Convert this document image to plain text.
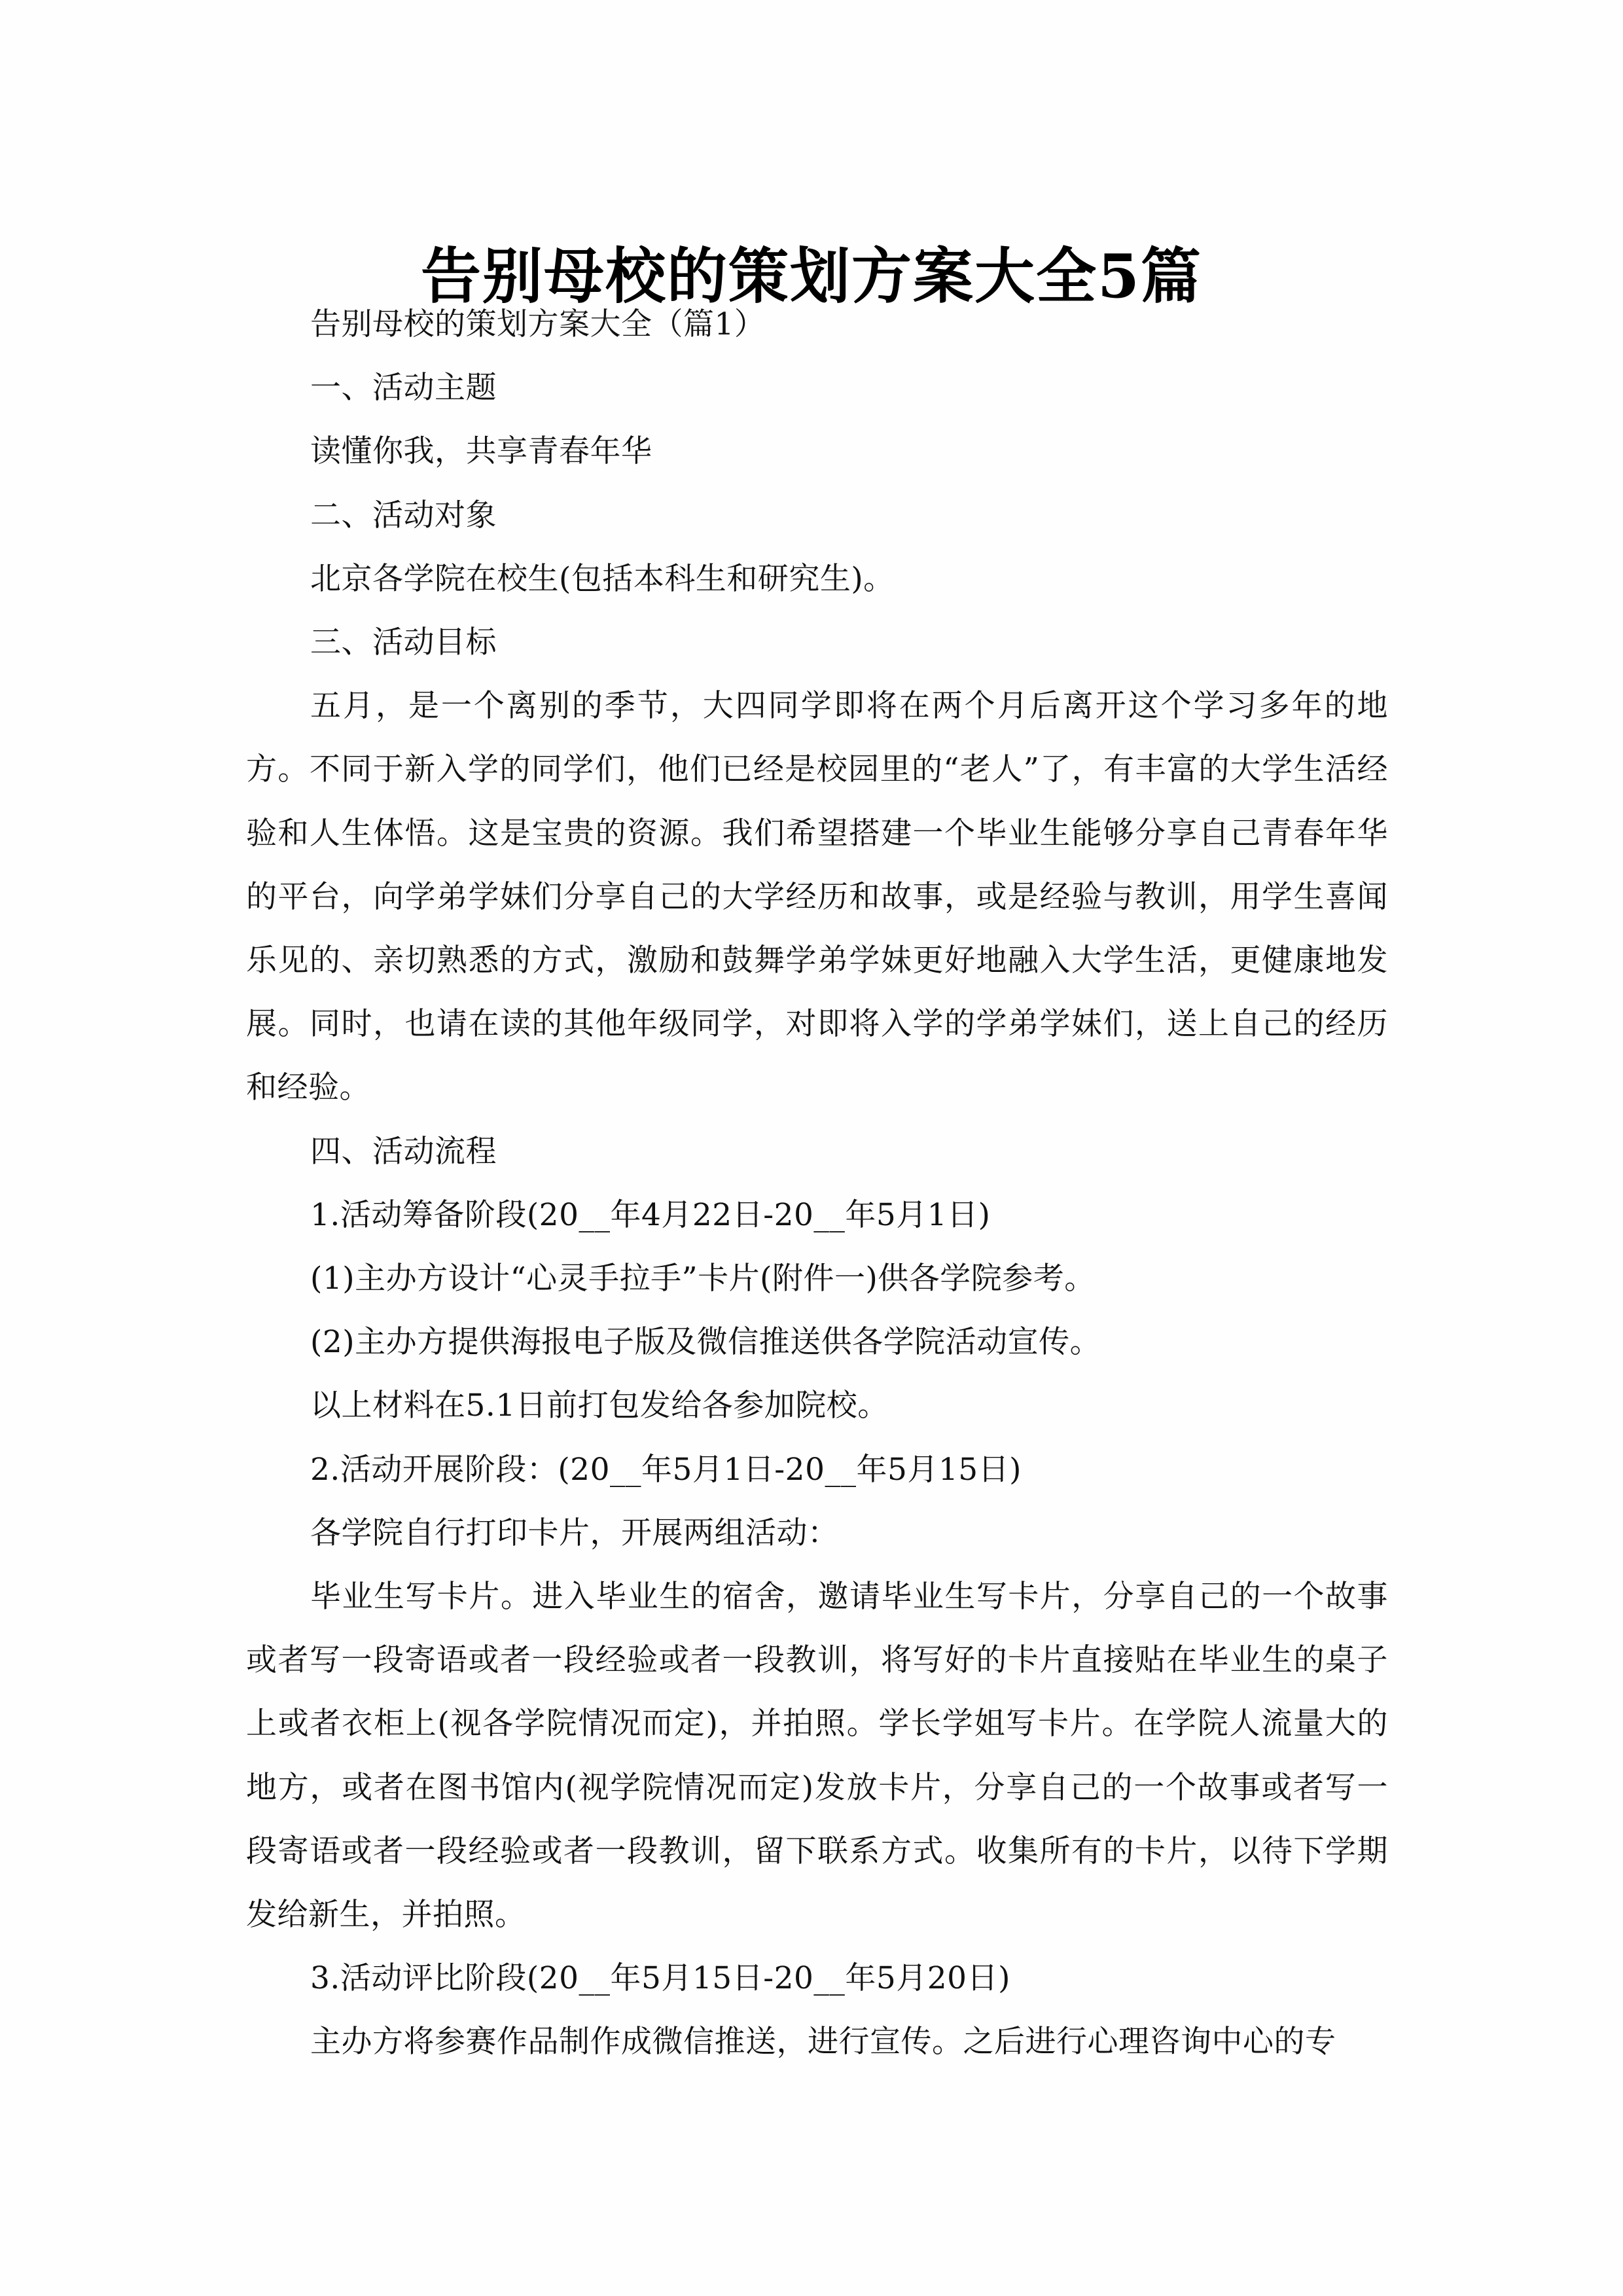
告别母校的策划方案大全5篇

告别母校的策划方案大全（篇1）

一、活动主题

读懂你我，共享青春年华

二、活动对象

北京各学院在校生(包括本科生和研究生)。

三、活动目标

五月，是一个离别的季节，大四同学即将在两个月后离开这个学习多年的地方。不同于新入学的同学们，他们已经是校园里的“老人”了，有丰富的大学生活经验和人生体悟。这是宝贵的资源。我们希望搭建一个毕业生能够分享自己青春年华的平台，向学弟学妹们分享自己的大学经历和故事，或是经验与教训，用学生喜闻乐见的、亲切熟悉的方式，激励和鼓舞学弟学妹更好地融入大学生活，更健康地发展。同时，也请在读的其他年级同学，对即将入学的学弟学妹们，送上自己的经历和经验。

四、活动流程

1.活动筹备阶段(20__年4月22日-20__年5月1日)

(1)主办方设计“心灵手拉手”卡片(附件一)供各学院参考。

(2)主办方提供海报电子版及微信推送供各学院活动宣传。

以上材料在5.1日前打包发给各参加院校。

2.活动开展阶段：(20__年5月1日-20__年5月15日)

各学院自行打印卡片，开展两组活动：

毕业生写卡片。进入毕业生的宿舍，邀请毕业生写卡片，分享自己的一个故事或者写一段寄语或者一段经验或者一段教训，将写好的卡片直接贴在毕业生的桌子上或者衣柜上(视各学院情况而定)，并拍照。学长学姐写卡片。在学院人流量大的地方，或者在图书馆内(视学院情况而定)发放卡片，分享自己的一个故事或者写一段寄语或者一段经验或者一段教训，留下联系方式。收集所有的卡片，以待下学期发给新生，并拍照。

3.活动评比阶段(20__年5月15日-20__年5月20日)

主办方将参赛作品制作成微信推送，进行宣传。之后进行心理咨询中心的专
